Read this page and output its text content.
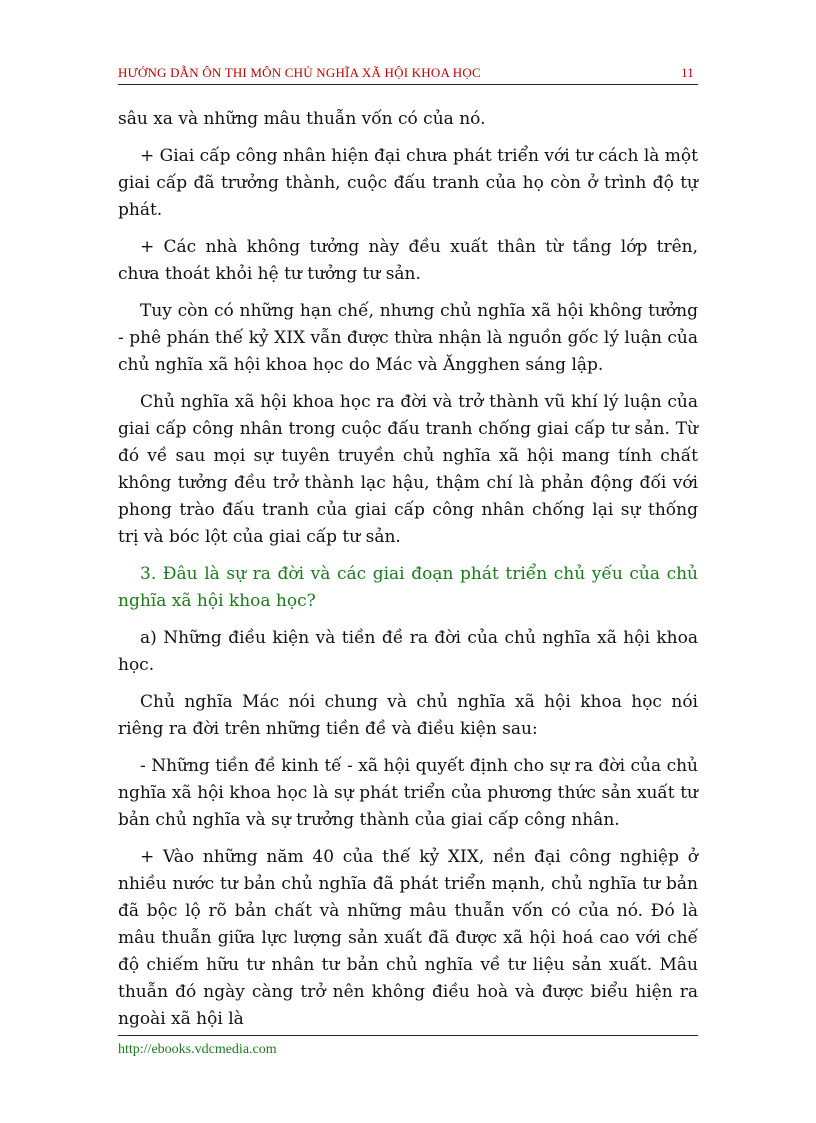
HƯỚNG DẪN ÔN THI MÔN CHỦ NGHĨA XÃ HỘI KHOA HỌC	11

sâu xa và những mâu thuẫn vốn có của nó.

+ Giai cấp công nhân hiện đại chưa phát triển với tư cách là một giai cấp đã trưởng thành, cuộc đấu tranh của họ còn ở trình độ tự phát.

+ Các nhà không tưởng này đều xuất thân từ tầng lớp trên, chưa thoát khỏi hệ tư tưởng tư sản.

Tuy còn có những hạn chế, nhưng chủ nghĩa xã hội không tưởng - phê phán thế kỷ XIX vẫn được thừa nhận là nguồn gốc lý luận của chủ nghĩa xã hội khoa học do Mác và Ăngghen sáng lập.

Chủ nghĩa xã hội khoa học ra đời và trở thành vũ khí lý luận của giai cấp công nhân trong cuộc đấu tranh chống giai cấp tư sản. Từ đó về sau mọi sự tuyên truyền chủ nghĩa xã hội mang tính chất không tưởng đều trở thành lạc hậu, thậm chí là phản động đối với phong trào đấu tranh của giai cấp công nhân chống lại sự thống trị và bóc lột của giai cấp tư sản.

3. Đâu là sự ra đời và các giai đoạn phát triển chủ yếu của chủ nghĩa xã hội khoa học?

a) Những điều kiện và tiền đề ra đời của chủ nghĩa xã hội khoa học.

Chủ nghĩa Mác nói chung và chủ nghĩa xã hội khoa học nói riêng ra đời trên những tiền đề và điều kiện sau:

- Những tiền đề kinh tế - xã hội quyết định cho sự ra đời của chủ nghĩa xã hội khoa học là sự phát triển của phương thức sản xuất tư bản chủ nghĩa và sự trưởng thành của giai cấp công nhân.

+ Vào những năm 40 của thế kỷ XIX, nền đại công nghiệp ở nhiều nước tư bản chủ nghĩa đã phát triển mạnh, chủ nghĩa tư bản đã bộc lộ rõ bản chất và những mâu thuẫn vốn có của nó. Đó là mâu thuẫn giữa lực lượng sản xuất đã được xã hội hoá cao với chế độ chiếm hữu tư nhân tư bản chủ nghĩa về tư liệu sản xuất. Mâu thuẫn đó ngày càng trở nên không điều hoà và được biểu hiện ra ngoài xã hội là

http://ebooks.vdcmedia.com
